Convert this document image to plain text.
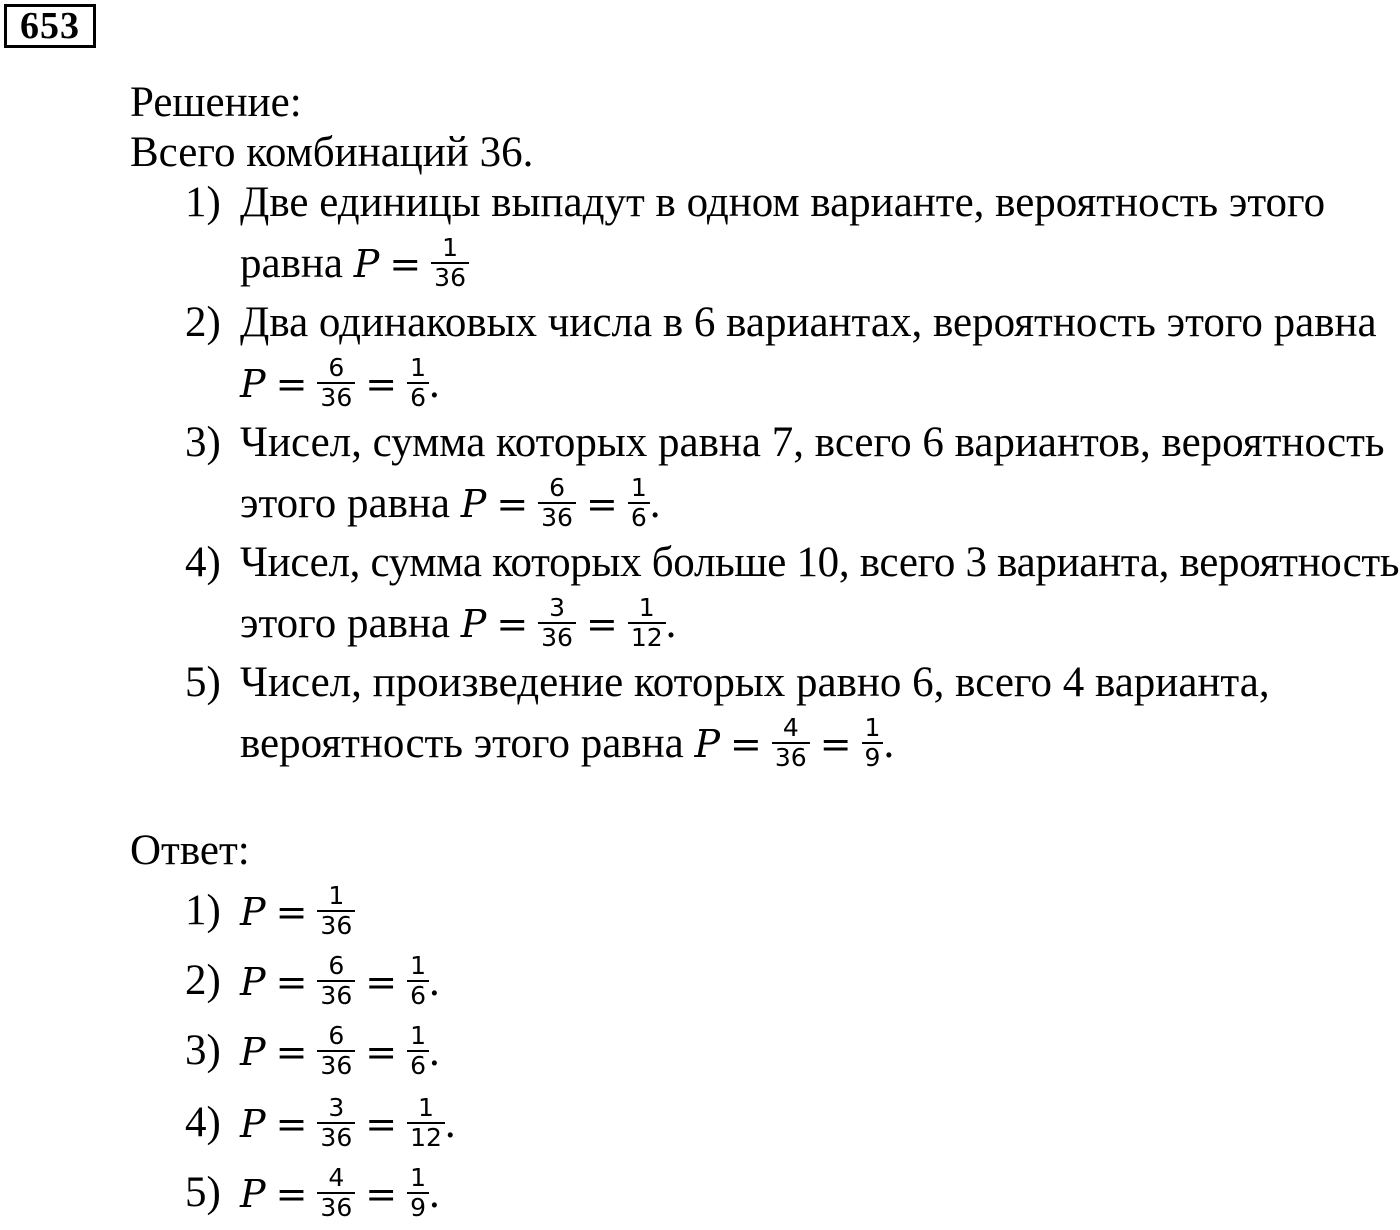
653
Решение:
Всего комбинаций 36.
1) Две единицы выпадут в одном варианте, вероятность этого
равна $P = \frac{1}{36}$
2) Два одинаковых числа в 6 вариантах, вероятность этого равна
$P = \frac{6}{36} = \frac{1}{6}$ .
3) Чисел, сумма которых равна 7, всего 6 вариантов, вероятность
этого равна $P = \frac{6}{36} = \frac{1}{6}$ .
4) Чисел, сумма которых больше 10, всего 3 варианта, вероятность
этого равна $P = \frac{3}{36} = \frac{1}{12}$ .
5) Чисел, произведение которых равно 6, всего 4 варианта,
вероятность этого равна $P = \frac{4}{36} = \frac{1}{9}$ .
Ответ:
1) $P = \frac{1}{36}$
2) $P = \frac{6}{36} = \frac{1}{6}$ .
3) $P = \frac{6}{36} = \frac{1}{6}$ .
4) $P = \frac{3}{36} = \frac{1}{12}$ .
5) $P = \frac{4}{36} = \frac{1}{9}$ .
